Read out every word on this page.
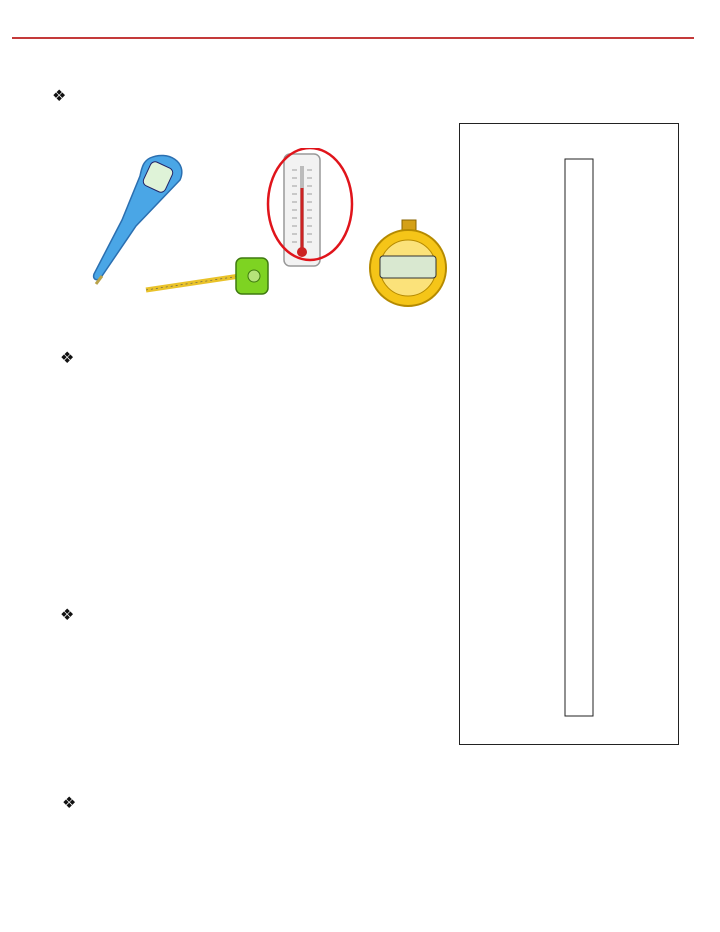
❖
❖
❖
❖
